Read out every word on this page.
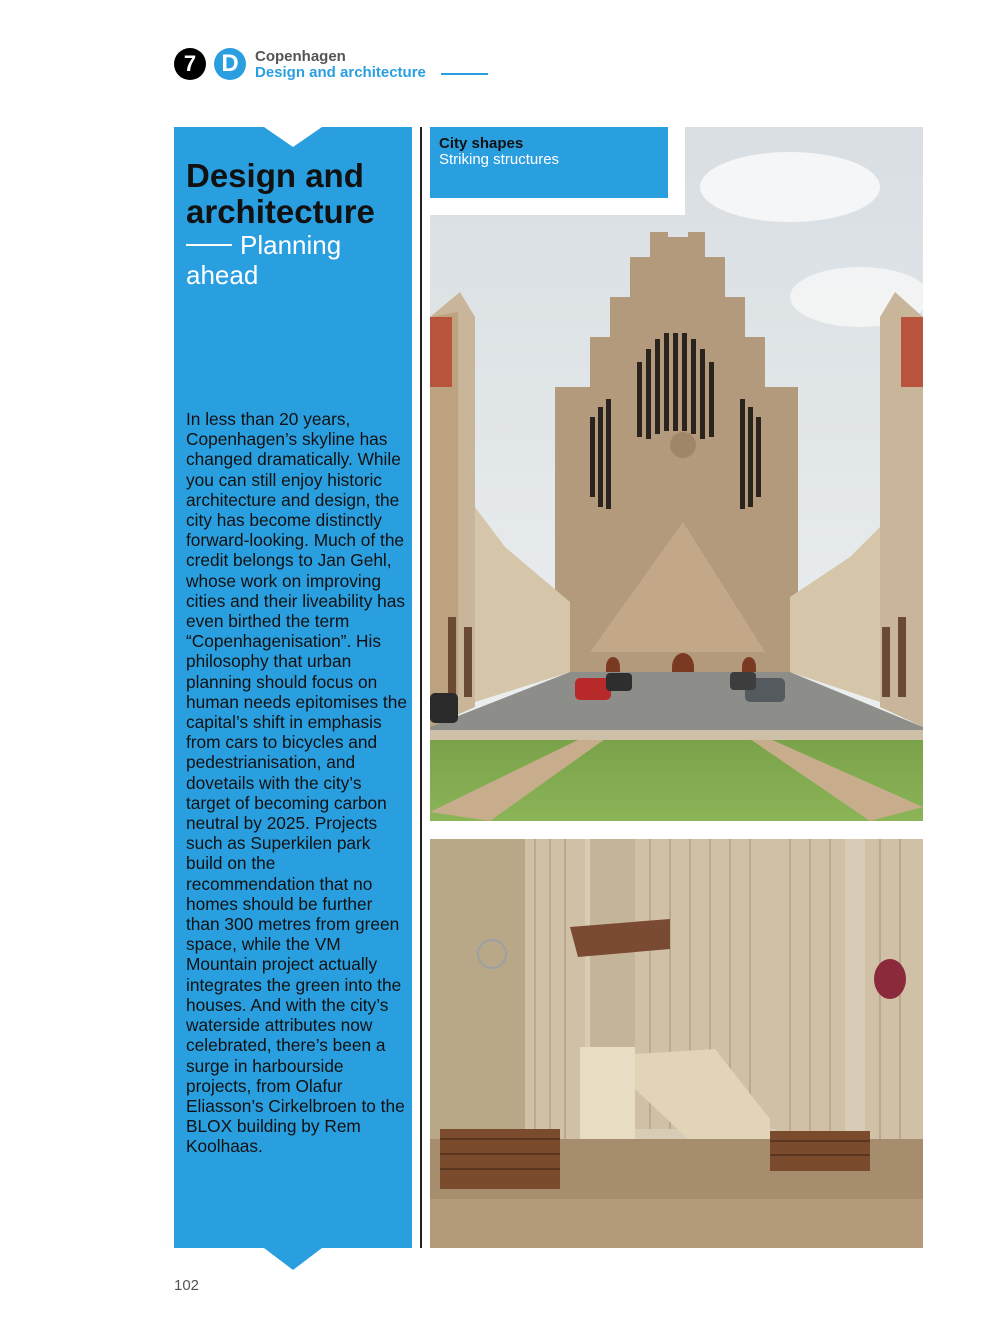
7	D	Copenhagen
Design and architecture
Design and architecture
Planning ahead
In less than 20 years, Copenhagen’s skyline has changed dramatically. While you can still enjoy historic architecture and design, the city has become distinctly forward-looking. Much of the credit belongs to Jan Gehl, whose work on improving cities and their liveability has even birthed the term “Copenhagenisation”. His philosophy that urban planning should focus on human needs epitomises the capital’s shift in emphasis from cars to bicycles and pedestrianisation, and dovetails with the city’s target of becoming carbon neutral by 2025. Projects such as Superkilen park build on the recommendation that no homes should be further than 300 metres from green space, while the VM Mountain project actually integrates the green into the houses. And with the city’s waterside attributes now celebrated, there’s been a surge in harbourside projects, from Olafur Eliasson’s Cirkelbroen to the BLOX building by Rem Koolhaas.
City shapes
Striking structures
102
